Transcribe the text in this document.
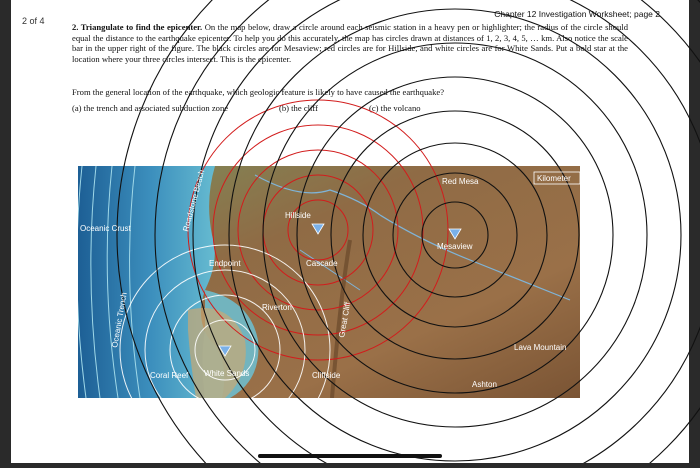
2 of 4
Chapter 12 Investigation Worksheet; page 2
2. Triangulate to find the epicenter. On the map below, draw a circle around each seismic station in a heavy pen or highlighter; the radius of the circle should equal the distance to the earthquake epicenter. To help you do this accurately, the map has circles drawn at distances of 1, 2, 3, 4, 5, … km. Also notice the scale bar in the upper right of the figure. The black circles are for Mesaview; red circles are for Hillside, and white circles are for White Sands. Put a bold star at the location where your three circles intersect. This is the epicenter.
From the general location of the earthquake, which geologic feature is likely to have caused the earthquake?
(a) the trench and associated subduction zone	(b) the cliff	(c) the volcano
Kilometer
Oceanic Crust
Oceanic Trench
Roadstone Beach	Hillside
Endpoint	Cascade
Riverton	Great Cliff
Coral Reef White Sands	Cliffside
Red Mesa
Mesaview
Lava Mountain
Ashton
